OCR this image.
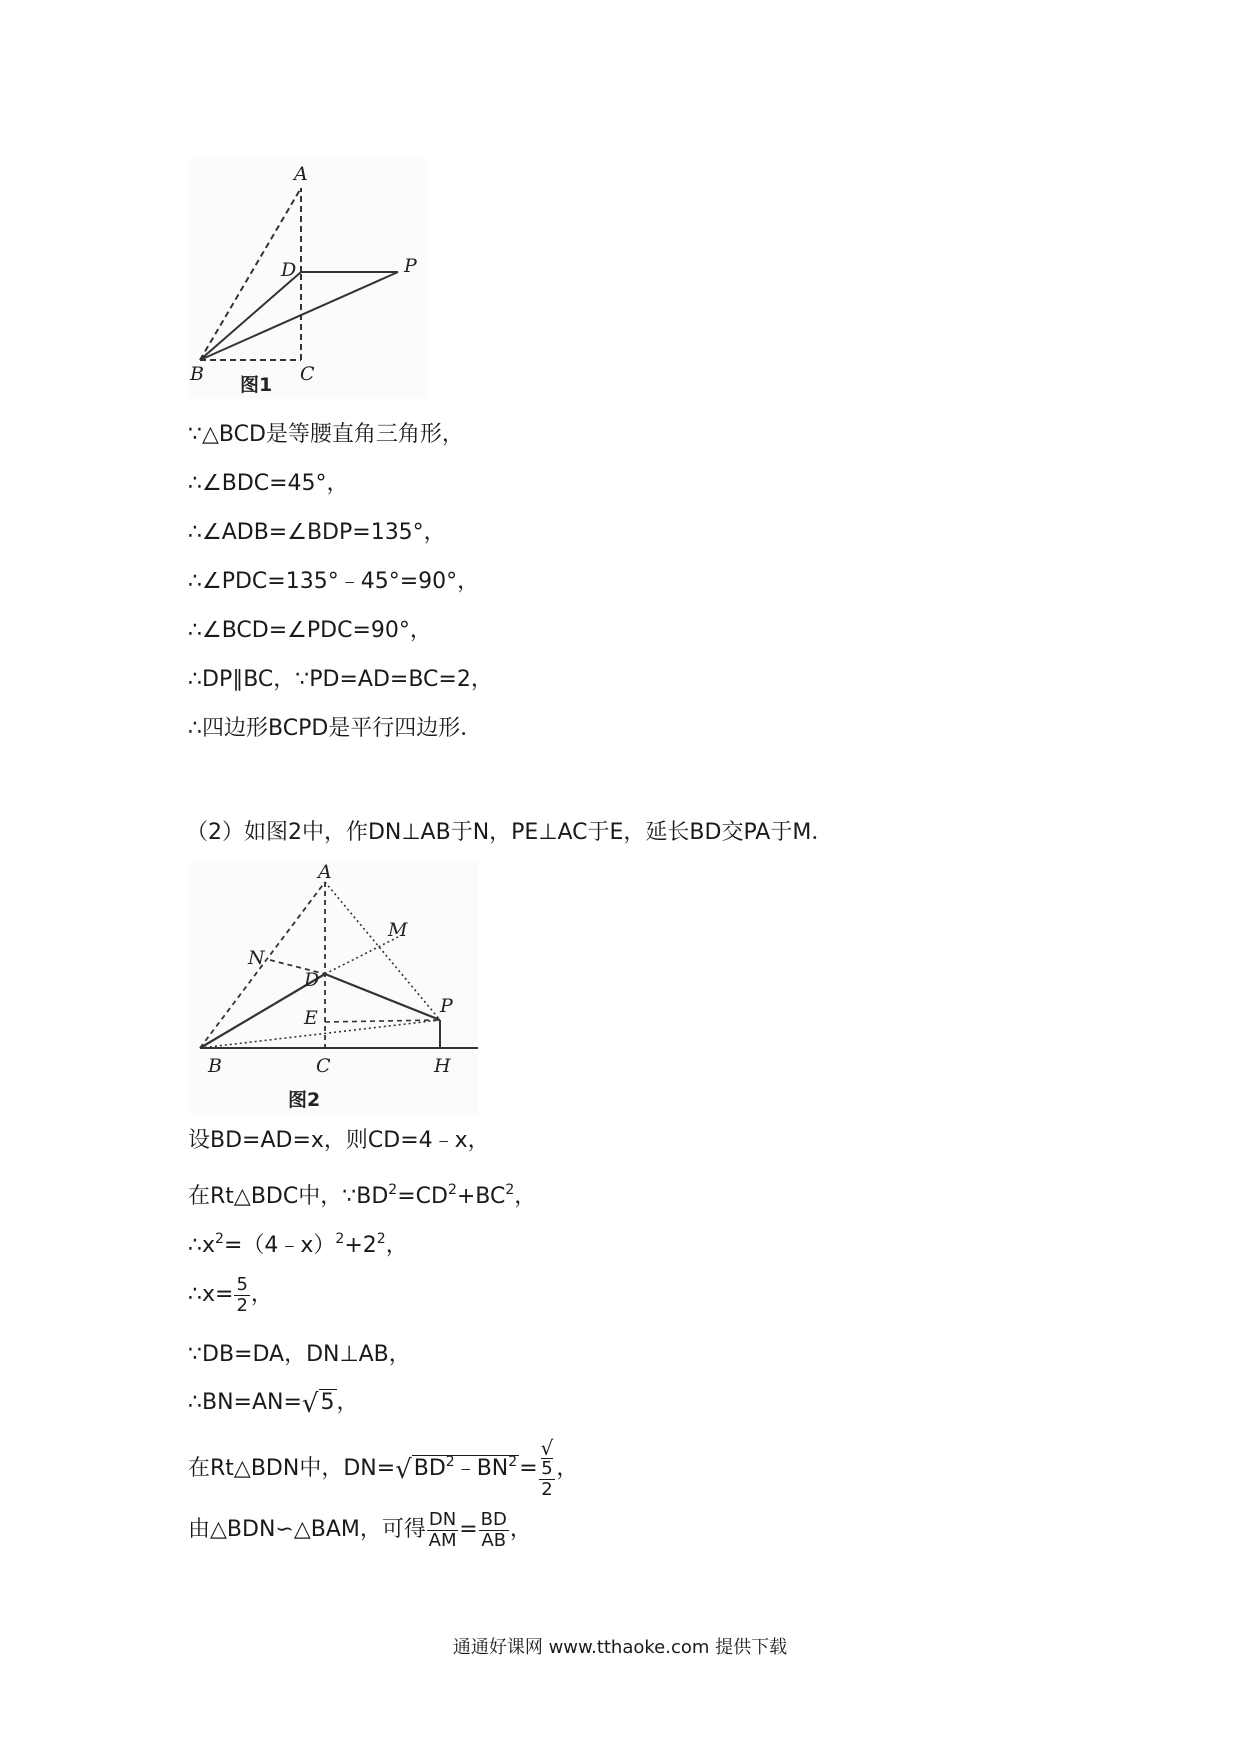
A
D	P
B	C
图1
∵△BCD是等腰直角三角形，
∴∠BDC=45°，
∴∠ADB=∠BDP=135°，
∴∠PDC=135°﹣45°=90°，
∴∠BCD=∠PDC=90°，
∴DP∥BC，∵PD=AD=BC=2，
∴四边形BCPD是平行四边形．
（2）如图2中，作DN⊥AB于N，PE⊥AC于E，延长BD交PA于M．
A
N
M
D
P
E
B	C	H
图2
设BD=AD=x，则CD=4﹣x，
在Rt△BDC中，$\because BD^2=CD^2+BC^2$，
$\therefore x^2=(4﹣x)^2+2^2$，
∴x= $\frac{5}{2}$ ，
∵DB=DA，DN⊥AB，
∴BN=AN=√5，
在Rt△BDN中，$DN=√BD^2﹣BN^2=$ √
5
2 ，
由△BDN∽△BAM，可得 $\frac{DN}{AM} = \frac{BD}{AB}$ ，
通通好课网 www.tthaoke.com 提供下载
